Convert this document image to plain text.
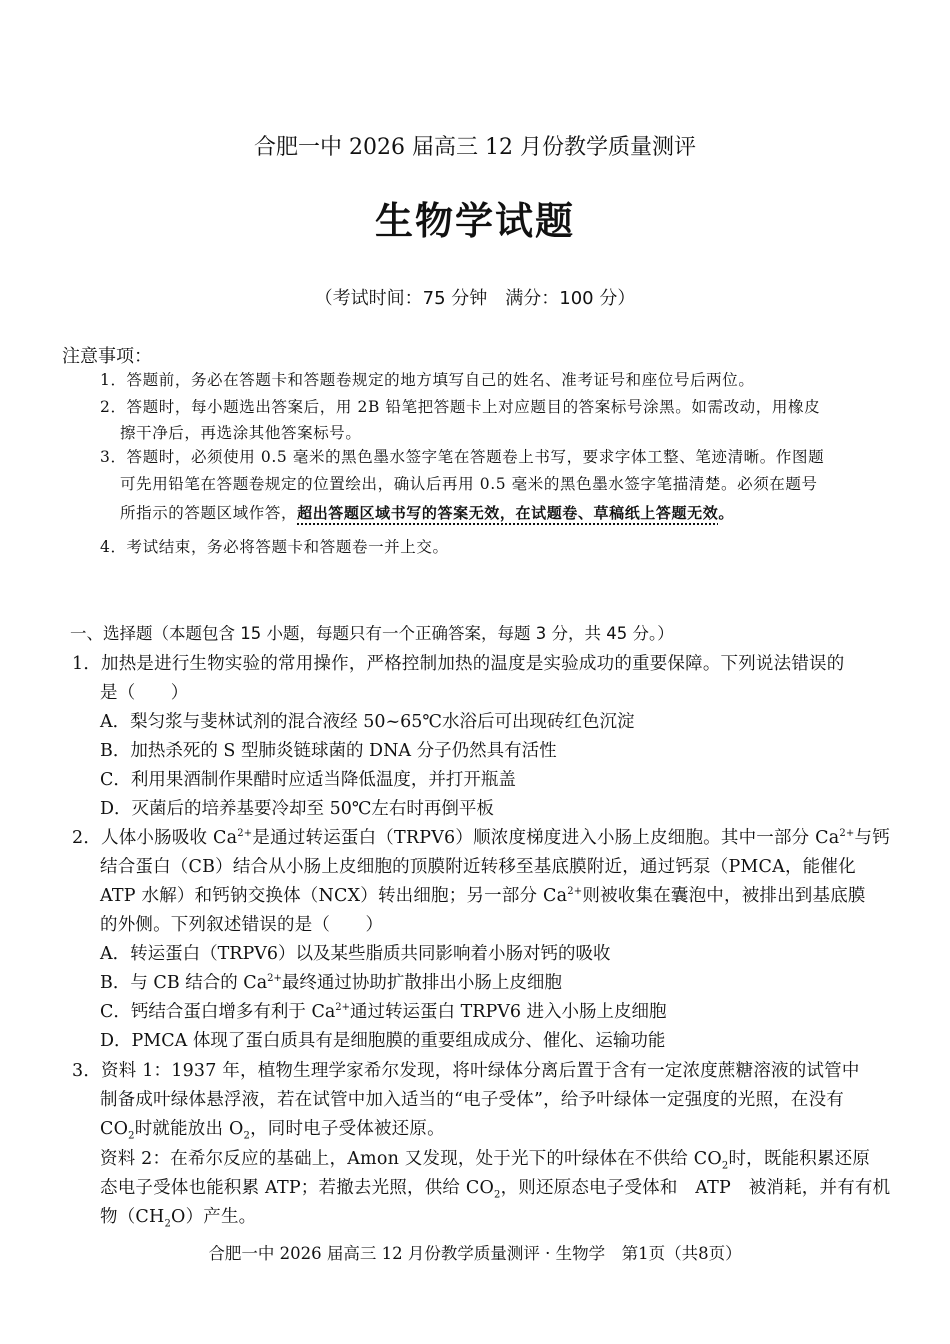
合肥一中 2026 届高三 12 月份教学质量测评
生物学试题
（考试时间：75 分钟　满分：100 分）
注意事项：
1．答题前，务必在答题卡和答题卷规定的地方填写自己的姓名、准考证号和座位号后两位。
2．答题时，每小题选出答案后，用 2B 铅笔把答题卡上对应题目的答案标号涂黑。如需改动，用橡皮
擦干净后，再选涂其他答案标号。
3．答题时，必须使用 0.5 毫米的黑色墨水签字笔在答题卷上书写，要求字体工整、笔迹清晰。作图题
可先用铅笔在答题卷规定的位置绘出，确认后再用 0.5 毫米的黑色墨水签字笔描清楚。必须在题号
所指示的答题区域作答，超出答题区域书写的答案无效，在试题卷、草稿纸上答题无效。
4．考试结束，务必将答题卡和答题卷一并上交。
一、选择题（本题包含 15 小题，每题只有一个正确答案，每题 3 分，共 45 分。）
1．加热是进行生物实验的常用操作，严格控制加热的温度是实验成功的重要保障。下列说法错误的
是（　　）
A．梨匀浆与斐林试剂的混合液经 50~65℃水浴后可出现砖红色沉淀
B．加热杀死的 S 型肺炎链球菌的 DNA 分子仍然具有活性
C．利用果酒制作果醋时应适当降低温度，并打开瓶盖
D．灭菌后的培养基要冷却至 50℃左右时再倒平板
2．人体小肠吸收 $Ca^{2+}$是通过转运蛋白（TRPV6）顺浓度梯度进入小肠上皮细胞。其中一部分 $Ca^{2+}$与钙
结合蛋白（CB）结合从小肠上皮细胞的顶膜附近转移至基底膜附近，通过钙泵（PMCA，能催化
ATP 水解）和钙钠交换体（NCX）转出细胞；另一部分 $Ca^{2+}$则被收集在囊泡中，被排出到基底膜
的外侧。下列叙述错误的是（　　）
A．转运蛋白（TRPV6）以及某些脂质共同影响着小肠对钙的吸收
B．与 CB 结合的 $Ca^{2+}$最终通过协助扩散排出小肠上皮细胞
C．钙结合蛋白增多有利于 $Ca^{2+}$通过转运蛋白 TRPV6 进入小肠上皮细胞
D．PMCA 体现了蛋白质具有是细胞膜的重要组成成分、催化、运输功能
3．资料 1：1937 年，植物生理学家希尔发现，将叶绿体分离后置于含有一定浓度蔗糖溶液的试管中
制备成叶绿体悬浮液，若在试管中加入适当的“电子受体”，给予叶绿体一定强度的光照，在没有
$CO_2$时就能放出 $O_2$，同时电子受体被还原。
资料 2：在希尔反应的基础上，Amon 又发现，处于光下的叶绿体在不供给 $CO_2$时，既能积累还原
态电子受体也能积累 ATP；若撤去光照，供给 $CO_2$，则还原态电子受体和　ATP　被消耗，并有有机
物$(CH_2O)$产生。
合肥一中 2026 届高三 12 月份教学质量测评 · 生物学　第1页（共8页）
